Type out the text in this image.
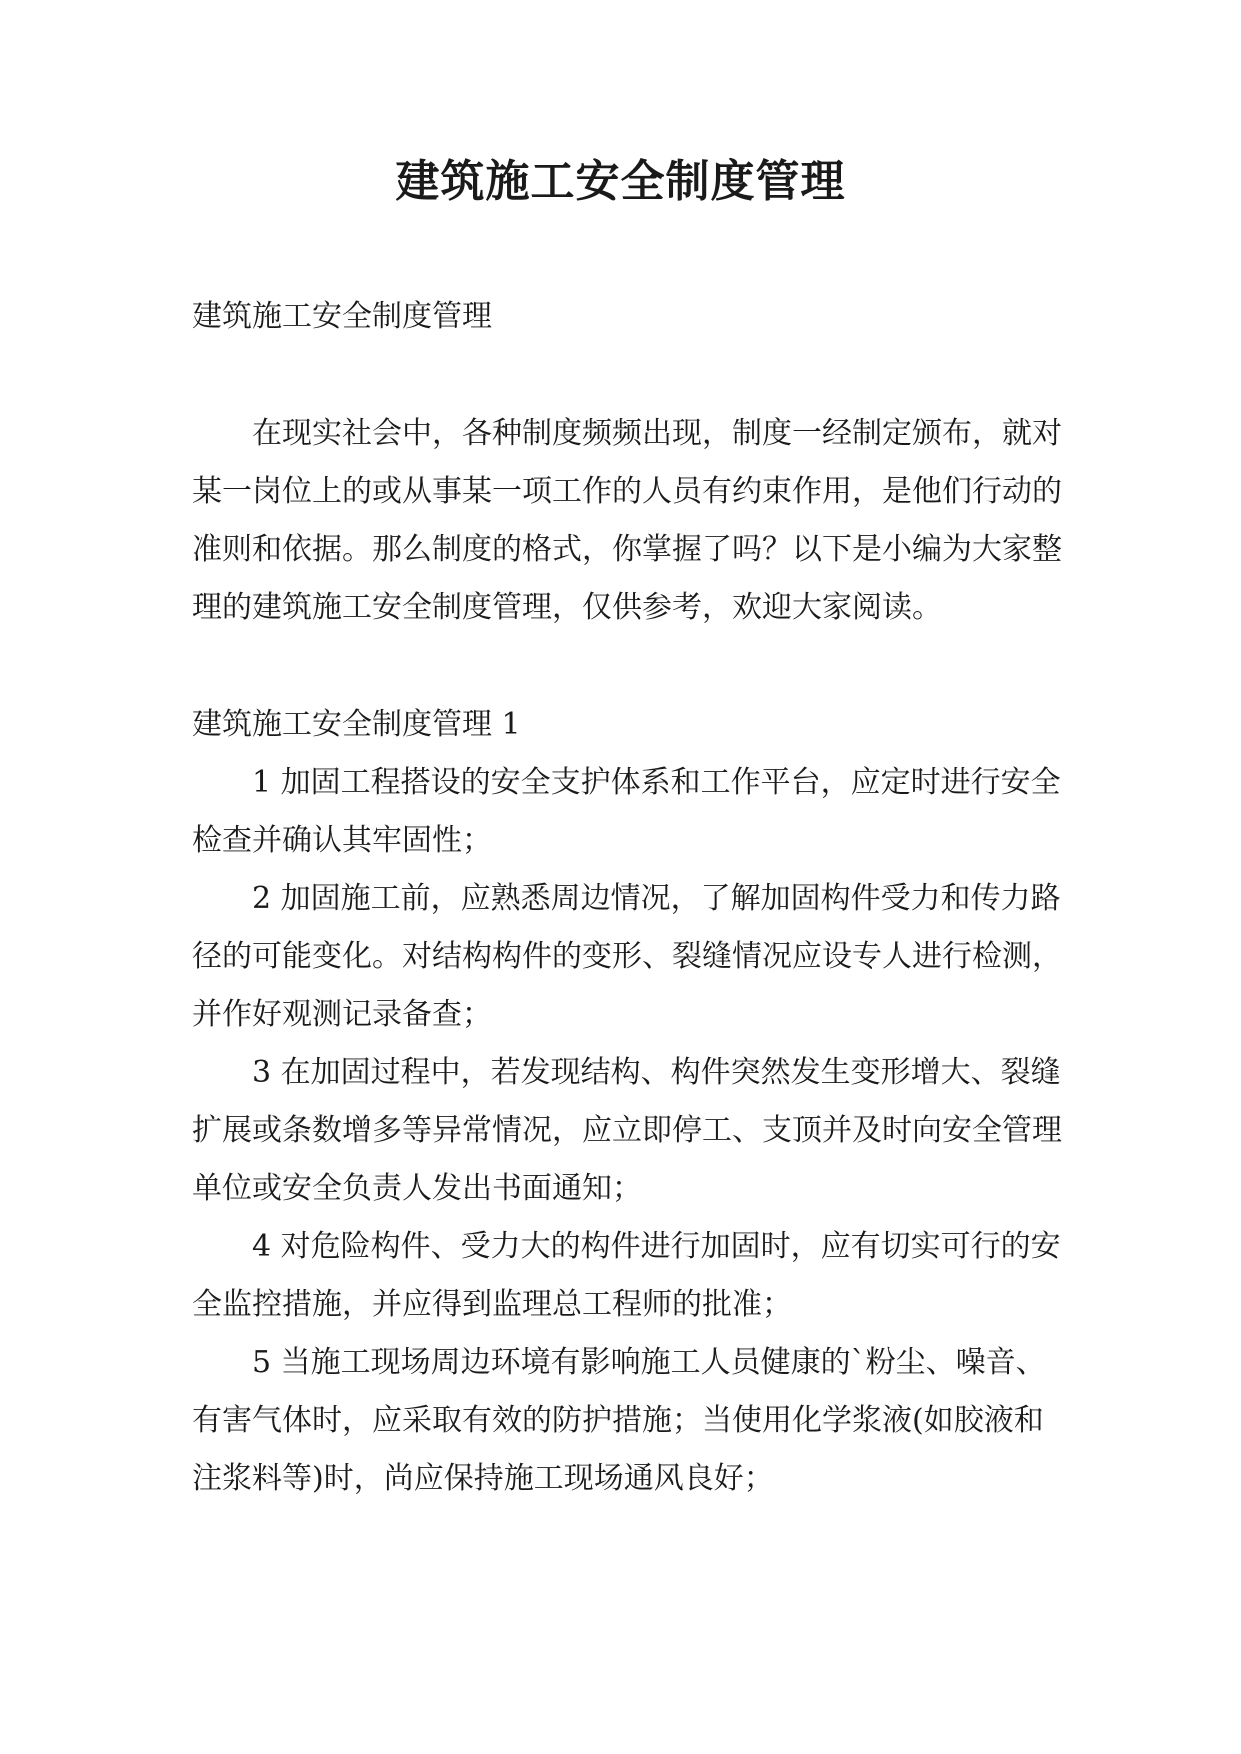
建筑施工安全制度管理

建筑施工安全制度管理

在现实社会中，各种制度频频出现，制度一经制定颁布，就对某一岗位上的或从事某一项工作的人员有约束作用，是他们行动的准则和依据。那么制度的格式，你掌握了吗？以下是小编为大家整理的建筑施工安全制度管理，仅供参考，欢迎大家阅读。

建筑施工安全制度管理 1

1 加固工程搭设的安全支护体系和工作平台，应定时进行安全检查并确认其牢固性；

2 加固施工前，应熟悉周边情况，了解加固构件受力和传力路径的可能变化。对结构构件的变形、裂缝情况应设专人进行检测，并作好观测记录备查；

3 在加固过程中，若发现结构、构件突然发生变形增大、裂缝扩展或条数增多等异常情况，应立即停工、支顶并及时向安全管理单位或安全负责人发出书面通知；

4 对危险构件、受力大的构件进行加固时，应有切实可行的安全监控措施，并应得到监理总工程师的批准；

5 当施工现场周边环境有影响施工人员健康的`粉尘、噪音、有害气体时，应采取有效的防护措施；当使用化学浆液(如胶液和注浆料等)时，尚应保持施工现场通风良好；
